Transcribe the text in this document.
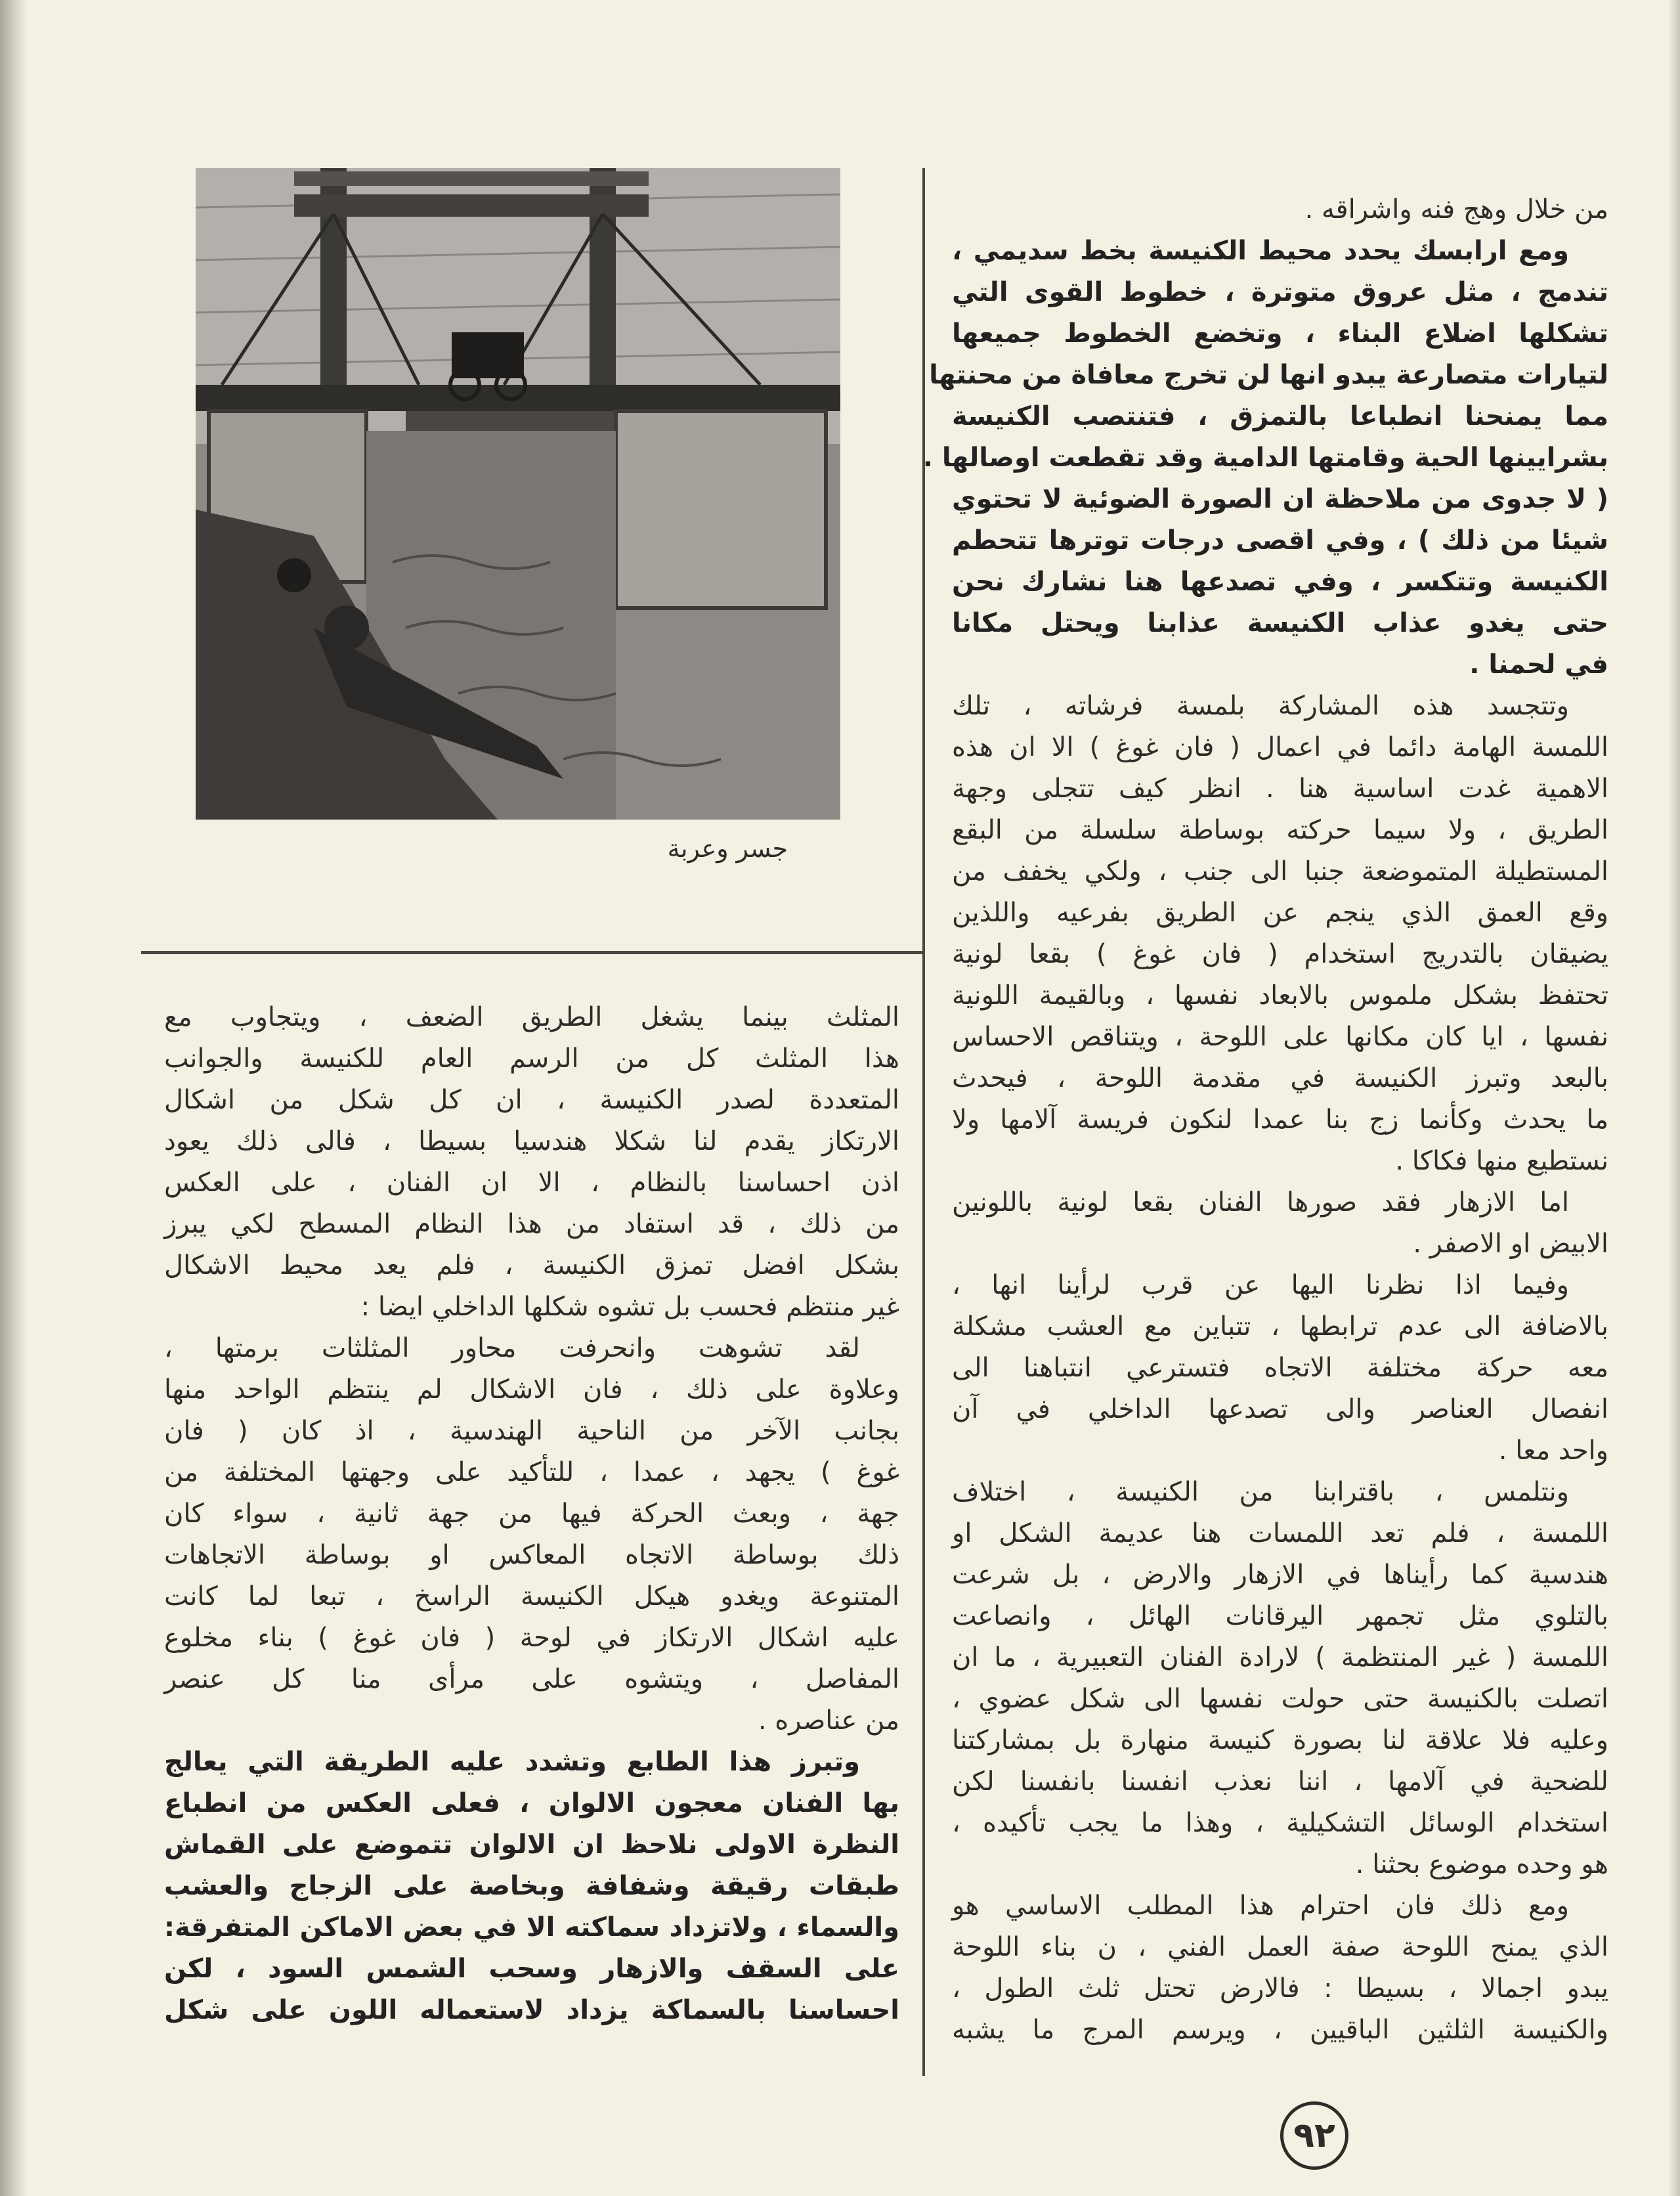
جسر وعربة
من خلال وهج فنه واشراقه .
ومع ارابسك يحدد محيط الكنيسة بخط سديمي ،
تندمج ، مثل عروق متوترة ، خطوط القوى التي
تشكلها اضلاع البناء ، وتخضع الخطوط جميعها
لتيارات متصارعة يبدو انها لن تخرج معافاة من محنتها
مما يمنحنا انطباعا بالتمزق ، فتنتصب الكنيسة
بشرايينها الحية وقامتها الدامية وقد تقطعت اوصالها .
( لا جدوى من ملاحظة ان الصورة الضوئية لا تحتوي
شيئا من ذلك ) ، وفي اقصى درجات توترها تتحطم
الكنيسة وتتكسر ، وفي تصدعها هنا نشارك نحن
حتى يغدو عذاب الكنيسة عذابنا ويحتل مكانا
في لحمنا .
وتتجسد هذه المشاركة بلمسة فرشاته ، تلك
اللمسة الهامة دائما في اعمال ( فان غوغ ) الا ان هذه
الاهمية غدت اساسية هنا . انظر كيف تتجلى وجهة
الطريق ، ولا سيما حركته بوساطة سلسلة من البقع
المستطيلة المتموضعة جنبا الى جنب ، ولكي يخفف من
وقع العمق الذي ينجم عن الطريق بفرعيه واللذين
يضيقان بالتدريج استخدام ( فان غوغ ) بقعا لونية
تحتفظ بشكل ملموس بالابعاد نفسها ، وبالقيمة اللونية
نفسها ، ايا كان مكانها على اللوحة ، ويتناقص الاحساس
بالبعد وتبرز الكنيسة في مقدمة اللوحة ، فيحدث
ما يحدث وكأنما زج بنا عمدا لنكون فريسة آلامها ولا
نستطيع منها فكاكا .
اما الازهار فقد صورها الفنان بقعا لونية باللونين
الابيض او الاصفر .
وفيما اذا نظرنا اليها عن قرب لرأينا انها ،
بالاضافة الى عدم ترابطها ، تتباين مع العشب مشكلة
معه حركة مختلفة الاتجاه فتسترعي انتباهنا الى
انفصال العناصر والى تصدعها الداخلي في آن
واحد معا .
ونتلمس ، باقترابنا من الكنيسة ، اختلاف
اللمسة ، فلم تعد اللمسات هنا عديمة الشكل او
هندسية كما رأيناها في الازهار والارض ، بل شرعت
بالتلوي مثل تجمهر اليرقانات الهائل ، وانصاعت
اللمسة ( غير المنتظمة ) لارادة الفنان التعبيرية ، ما ان
اتصلت بالكنيسة حتى حولت نفسها الى شكل عضوي ،
وعليه فلا علاقة لنا بصورة كنيسة منهارة بل بمشاركتنا
للضحية في آلامها ، اننا نعذب انفسنا بانفسنا لكن
استخدام الوسائل التشكيلية ، وهذا ما يجب تأكيده ،
هو وحده موضوع بحثنا .
ومع ذلك فان احترام هذا المطلب الاساسي هو
الذي يمنح اللوحة صفة العمل الفني ، ن بناء اللوحة
يبدو اجمالا ، بسيطا : فالارض تحتل ثلث الطول ،
والكنيسة الثلثين الباقيين ، ويرسم المرج ما يشبه
المثلث بينما يشغل الطريق الضعف ، ويتجاوب مع
هذا المثلث كل من الرسم العام للكنيسة والجوانب
المتعددة لصدر الكنيسة ، ان كل شكل من اشكال
الارتكاز يقدم لنا شكلا هندسيا بسيطا ، فالى ذلك يعود
اذن احساسنا بالنظام ، الا ان الفنان ، على العكس
من ذلك ، قد استفاد من هذا النظام المسطح لكي يبرز
بشكل افضل تمزق الكنيسة ، فلم يعد محيط الاشكال
غير منتظم فحسب بل تشوه شكلها الداخلي ايضا :
لقد تشوهت وانحرفت محاور المثلثات برمتها ،
وعلاوة على ذلك ، فان الاشكال لم ينتظم الواحد منها
بجانب الآخر من الناحية الهندسية ، اذ كان ( فان
غوغ ) يجهد ، عمدا ، للتأكيد على وجهتها المختلفة من
جهة ، وبعث الحركة فيها من جهة ثانية ، سواء كان
ذلك بوساطة الاتجاه المعاكس او بوساطة الاتجاهات
المتنوعة ويغدو هيكل الكنيسة الراسخ ، تبعا لما كانت
عليه اشكال الارتكاز في لوحة ( فان غوغ ) بناء مخلوع
المفاصل ، ويتشوه على مرأى منا كل عنصر
من عناصره .
وتبرز هذا الطابع وتشدد عليه الطريقة التي يعالج
بها الفنان معجون الالوان ، فعلى العكس من انطباع
النظرة الاولى نلاحظ ان الالوان تتموضع على القماش
طبقات رقيقة وشفافة وبخاصة على الزجاج والعشب
والسماء ، ولاتزداد سماكته الا في بعض الاماكن المتفرقة:
على السقف والازهار وسحب الشمس السود ، لكن
احساسنا بالسماكة يزداد لاستعماله اللون على شكل
٩٢
